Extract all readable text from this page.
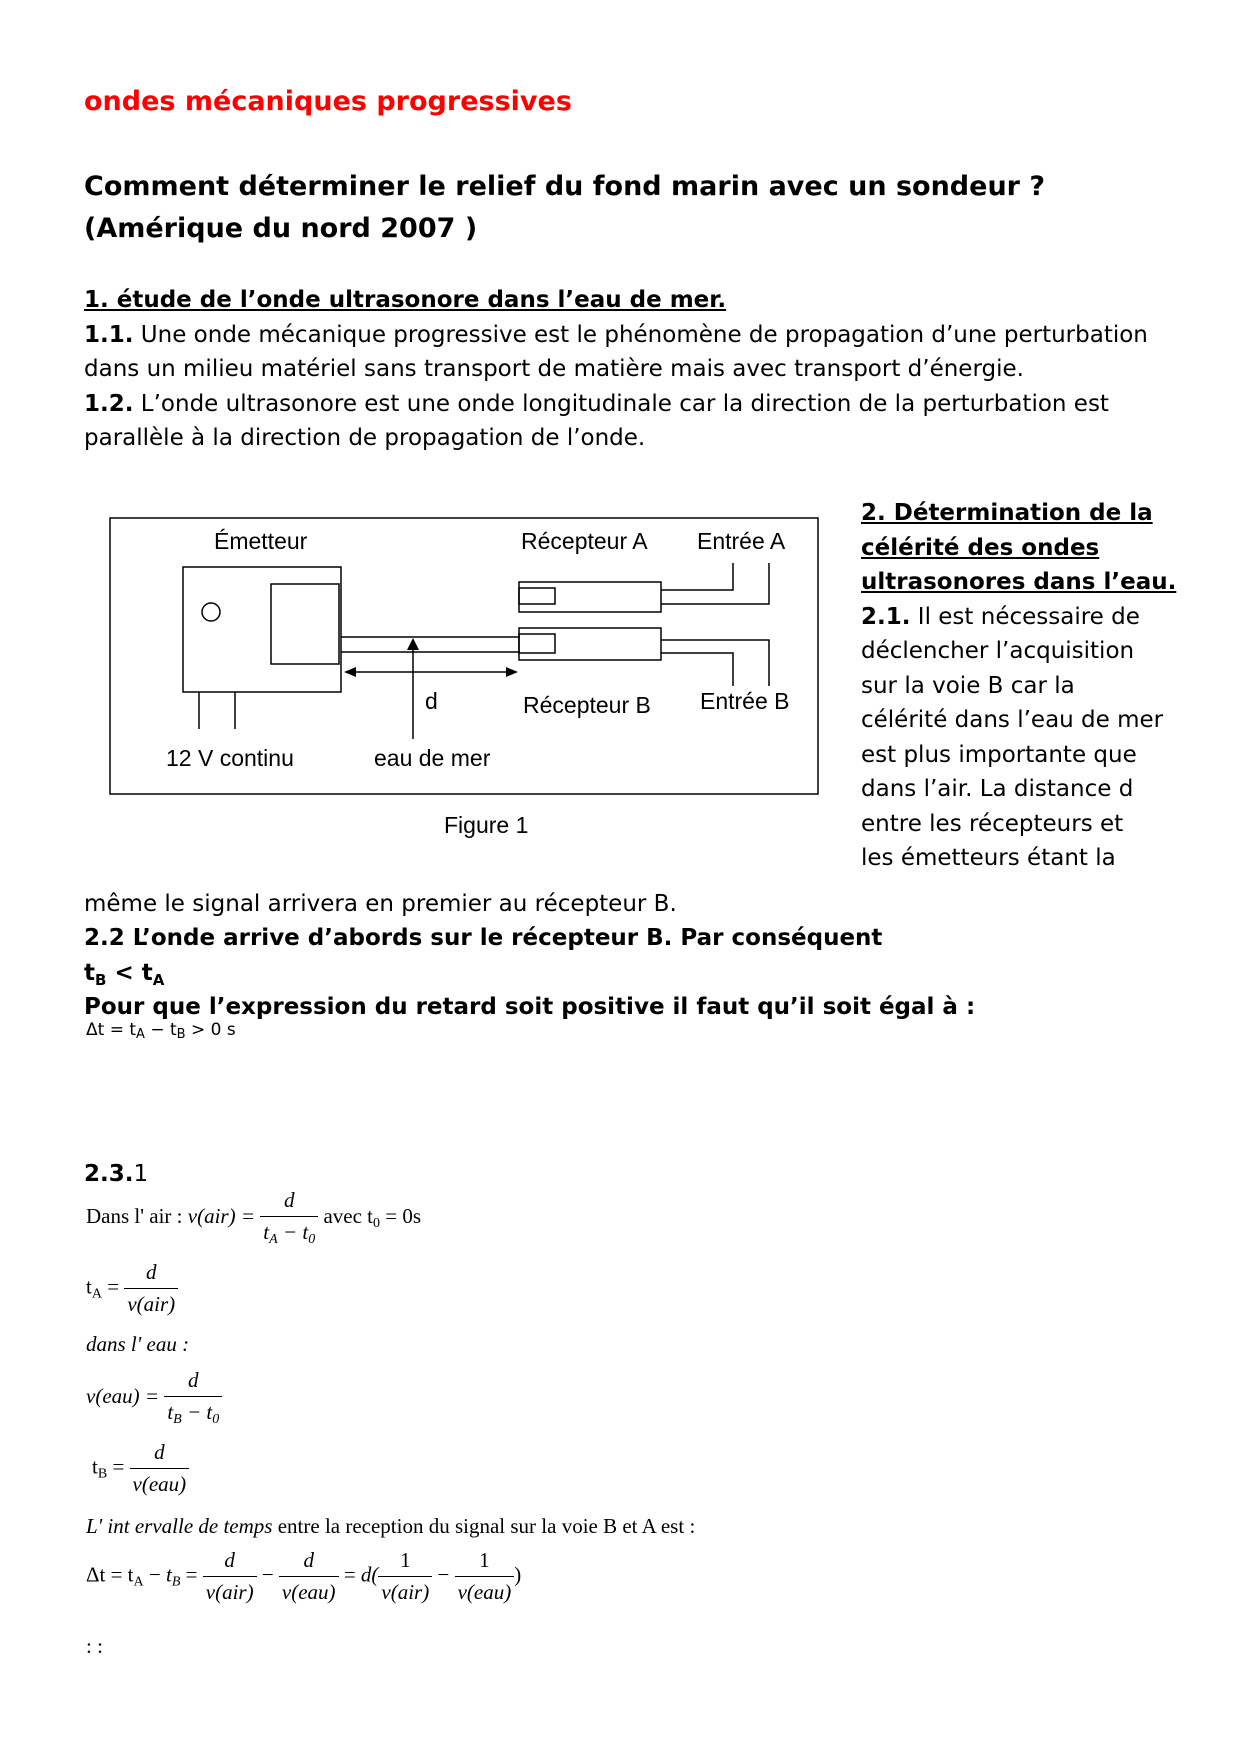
ondes mécaniques progressives
Comment déterminer le relief du fond marin avec un sondeur ? (Amérique du nord 2007 )
1. étude de l’onde ultrasonore dans l’eau de mer.
1.1. Une onde mécanique progressive est le phénomène de propagation d’une perturbation
dans un milieu matériel sans transport de matière mais avec transport d’énergie.
1.2. L’onde ultrasonore est une onde longitudinale car la direction de la perturbation est
parallèle à la direction de propagation de l’onde.
Émetteur	Récepteur A Entrée A
d	Récepteur B Entrée B
12 V continu	eau de mer
Figure 1
2. Détermination de la
célérité des ondes
ultrasonores dans l’eau.
2.1. Il est nécessaire de
déclencher l’acquisition
sur la voie B car la
célérité dans l’eau de mer
est plus importante que
dans l’air. La distance d
entre les récepteurs et
les émetteurs étant la
même le signal arrivera en premier au récepteur B.
2.2 L’onde arrive d’abords sur le récepteur B. Par conséquent
$t_B < t_A$
Pour que l’expression du retard soit positive il faut qu’il soit égal à :
Δt = tA − tB > 0 s
2.3.1
Dans l' air : $v(air) = \frac{d}{tA - t0}$ avec t0 = 0s
tA = $\frac{d}{\text{v(air)}}$
dans l' eau :
$v(eau) = \frac{d}{tB - t0}$
tB = $\frac{d}{\text{v(eau)}}$
L' int ervalle de temps entre la reception du signal sur la voie B et A est :
Δt = tA − tB = $\frac{d}{\text{v(air)}} - \frac{d}{\text{v(eau)}} = d( \frac{1}{\text{v(air)}} - \frac{1}{\text{v(eau)}}$ )
: :
